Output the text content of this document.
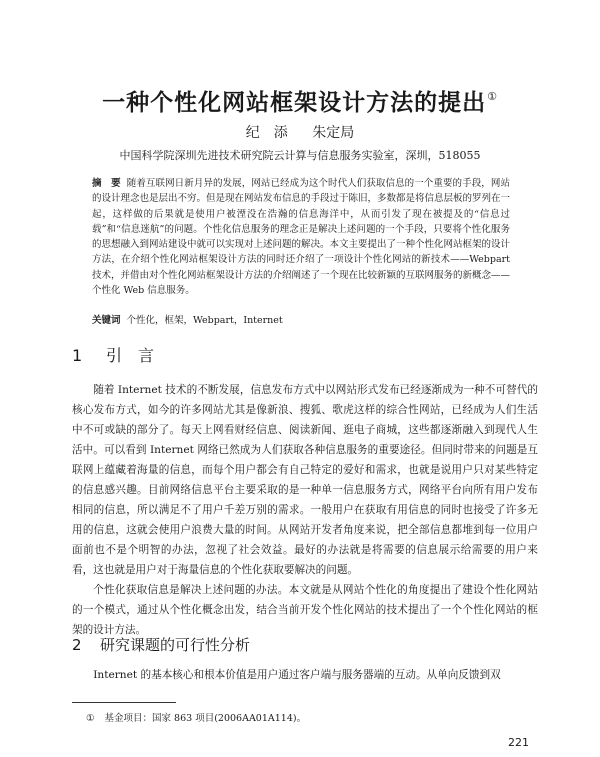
一种个性化网站框架设计方法的提出①
纪　添 朱定局
中国科学院深圳先进技术研究院云计算与信息服务实验室，深圳，518055
摘　要 随着互联网日新月异的发展，网站已经成为这个时代人们获取信息的一个重要的手段，网站的设计理念也是层出不穷。但是现在网站发布信息的手段过于陈旧，多数都是将信息层板的罗列在一起，这样做的后果就是使用户被湮没在浩瀚的信息海洋中，从而引发了现在被提及的“信息过载”和“信息迷航”的问题。个性化信息服务的理念正是解决上述问题的一个手段，只要将个性化服务的思想融入到网站建设中就可以实现对上述问题的解决。本文主要提出了一种个性化网站框架的设计方法，在介绍个性化网站框架设计方法的同时还介绍了一项设计个性化网站的新技术——Webpart 技术，并借由对个性化网站框架设计方法的介绍阐述了一个现在比较新颖的互联网服务的新概念——个性化 Web 信息服务。
关键词 个性化，框架，Webpart，Internet
1 引　言

随着 Internet 技术的不断发展，信息发布方式中以网站形式发布已经逐渐成为一种不可替代的核心发布方式，如今的许多网站尤其是像新浪、搜狐、歌虎这样的综合性网站，已经成为人们生活中不可或缺的部分了。每天上网看财经信息、阅读新闻、逛电子商城，这些都逐渐融入到现代人生活中。可以看到 Internet 网络已然成为人们获取各种信息服务的重要途径。但同时带来的问题是互联网上蕴藏着海量的信息，而每个用户都会有自己特定的爱好和需求，也就是说用户只对某些特定的信息感兴趣。目前网络信息平台主要采取的是一种单一信息服务方式，网络平台向所有用户发布相同的信息，所以满足不了用户千差万别的需求。一般用户在获取有用信息的同时也接受了许多无用的信息，这就会使用户浪费大量的时间。从网站开发者角度来说，把全部信息都堆到每一位用户面前也不是个明智的办法，忽视了社会效益。最好的办法就是将需要的信息展示给需要的用户来看，这也就是用户对于海量信息的个性化获取要解决的问题。

个性化获取信息是解决上述问题的办法。本文就是从网站个性化的角度提出了建设个性化网站的一个模式，通过从个性化概念出发，结合当前开发个性化网站的技术提出了一个个性化网站的框架的设计方法。

2 研究课题的可行性分析

Internet 的基本核心和根本价值是用户通过客户端与服务器端的互动。从单向反馈到双

① 基金项目：国家 863 项目(2006AA01A114)。
221
